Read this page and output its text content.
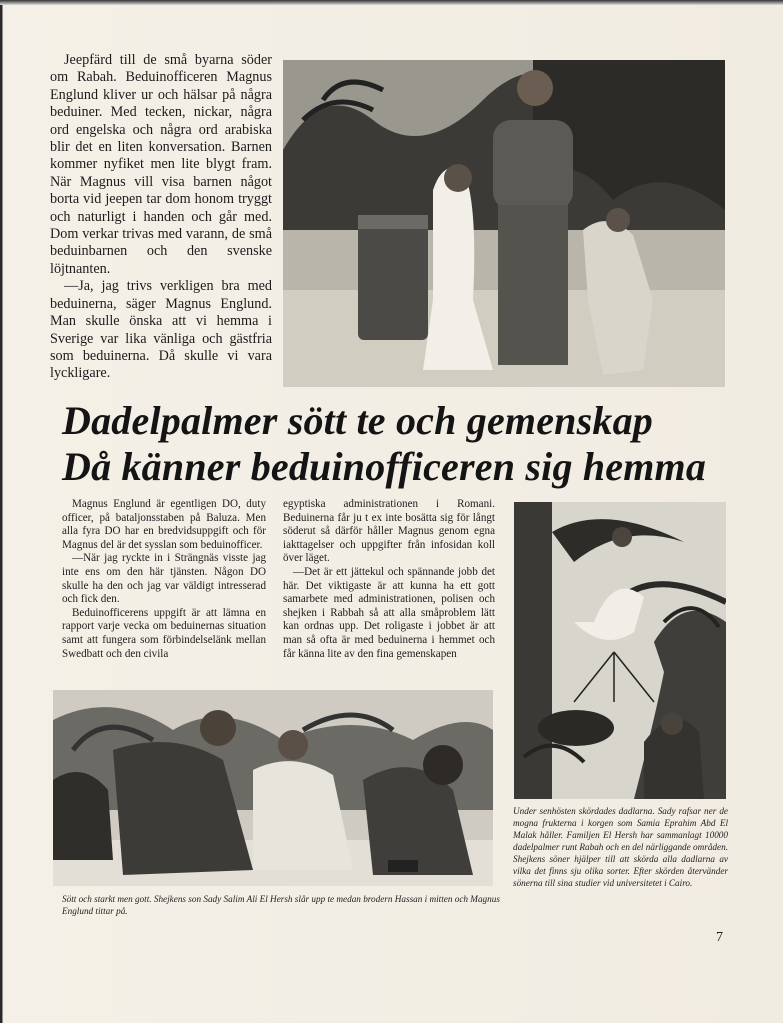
Jeepfärd till de små byarna söder om Rabah. Beduinofficeren Magnus Englund kliver ur och hälsar på några beduiner. Med tecken, nickar, några ord engelska och några ord arabiska blir det en liten konversation. Barnen kommer nyfiket men lite blygt fram. När Magnus vill visa barnen något borta vid jeepen tar dom honom tryggt och naturligt i handen och går med. Dom verkar trivas med varann, de små beduinbarnen och den svenske löjtnanten.

—Ja, jag trivs verkligen bra med beduinerna, säger Magnus Englund. Man skulle önska att vi hemma i Sverige var lika vänliga och gästfria som beduinerna. Då skulle vi vara lyckligare.

Dadelpalmer sött te och gemenskap
Då känner beduinofficeren sig hemma

Magnus Englund är egentligen DO, duty officer, på bataljonsstaben på Baluza. Men alla fyra DO har en bredvidsuppgift och för Magnus del är det sysslan som beduinofficer.

—När jag ryckte in i Strängnäs visste jag inte ens om den här tjänsten. Någon DO skulle ha den och jag var väldigt intresserad och fick den.

Beduinofficerens uppgift är att lämna en rapport varje vecka om beduinernas situation samt att fungera som förbindelselänk mellan Swedbatt och den civila

egyptiska administrationen i Romani. Beduinerna får ju t ex inte bosätta sig för långt söderut så därför håller Magnus genom egna iakttagelser och uppgifter från infosidan koll över läget.

—Det är ett jättekul och spännande jobb det här. Det viktigaste är att kunna ha ett gott samarbete med administrationen, polisen och shejken i Rabbah så att alla småproblem lätt kan ordnas upp. Det roligaste i jobbet är att man så ofta är med beduinerna i hemmet och får känna lite av den fina gemenskapen

Sött och starkt men gott. Shejkens son Sady Salim Ali El Hersh slår upp te medan brodern Hassan i mitten och Magnus Englund tittar på.
Under senhösten skördades dadlarna. Sady rafsar ner de mogna frukterna i korgen som Samia Eprahim Abd El Malak håller. Familjen El Hersh har sammanlagt 10000 dadelpalmer runt Rabah och en del närliggande områden. Shejkens söner hjälper till att skörda alla dadlarna av vilka det finns sju olika sorter. Efter skörden återvänder sönerna till sina studier vid universitetet i Cairo.
7
